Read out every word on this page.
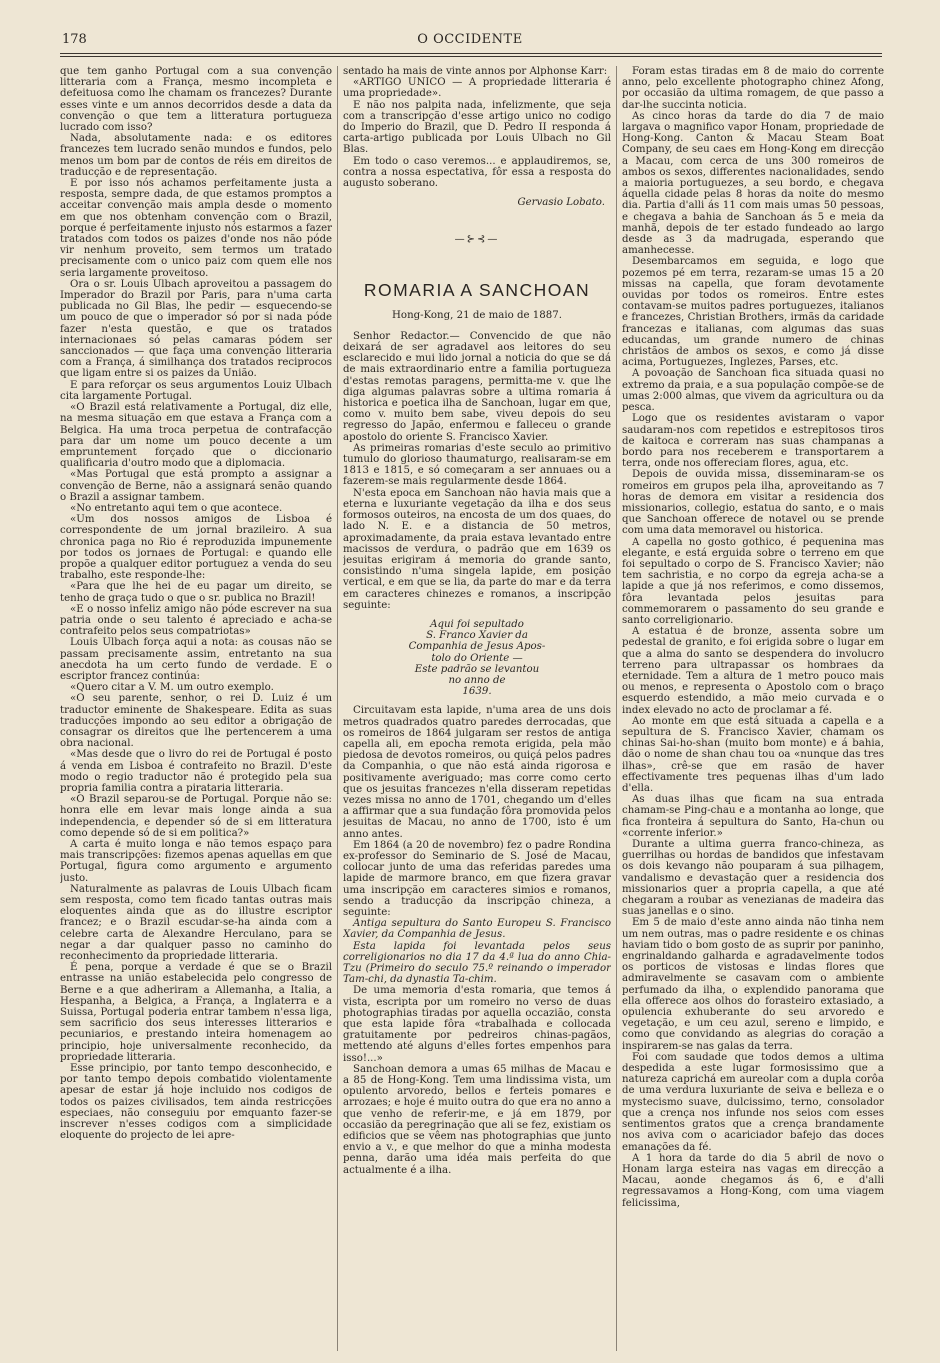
178	O OCCIDENTE

que tem ganho Portugal com a sua convenção litteraria com a França, mesmo incompleta e defeituosa como lhe chamam os francezes? Durante esses vinte e um annos decorridos desde a data da convenção o que tem a litteratura portugueza lucrado com isso?

Nada, absolutamente nada: e os editores francezes tem lucrado senão mundos e fundos, pelo menos um bom par de contos de réis em direitos de traducção e de representação.

E por isso nós achamos perfeitamente justa a resposta, sempre dada, de que estamos promptos a acceitar convenção mais ampla desde o momento em que nos obtenham convenção com o Brazil, porque é perfeitamente injusto nós estarmos a fazer tratados com todos os paizes d'onde nos não póde vir nenhum proveito, sem termos um tratado precisamente com o unico paiz com quem elle nos seria largamente proveitoso.

Ora o sr. Louis Ulbach aproveitou a passagem do Imperador do Brazil por Paris, para n'uma carta publicada no Gil Blas, lhe pedir — esquecendo-se um pouco de que o imperador só por si nada póde fazer n'esta questão, e que os tratados internacionaes só pelas camaras pódem ser sanccionados — que faça uma convenção litteraria com a França, á similhança dos tratados reciprocos que ligam entre si os paizes da União.

E para reforçar os seus argumentos Louiz Ulbach cita largamente Portugal.

«O Brazil está relativamente a Portugal, diz elle, na mesma situação em que estava a França com a Belgica. Ha uma troca perpetua de contrafacção para dar um nome um pouco decente a um empruntement forçado que o diccionario qualificaria d'outro modo que a diplomacia.

«Mas Portugal que está prompto a assignar a convenção de Berne, não a assignará senão quando o Brazil a assignar tambem.

«No entretanto aqui tem o que acontece.

«Um dos nossos amigos de Lisboa é correspondente de um jornal brazileiro. A sua chronica paga no Rio é reproduzida impunemente por todos os jornaes de Portugal: e quando elle propõe a qualquer editor portuguez a venda do seu trabalho, este responde-lhe:

«Para que lhe hei de eu pagar um direito, se tenho de graça tudo o que o sr. publica no Brazil!

«E o nosso infeliz amigo não póde escrever na sua patria onde o seu talento é apreciado e acha-se contrafeito pelos seus compatriotas»

Louis Ulbach força aqui a nota: as cousas não se passam precisamente assim, entretanto na sua anecdota ha um certo fundo de verdade. E o escriptor francez continúa:

«Quero citar a V. M. um outro exemplo.

«O seu parente, senhor, o rei D. Luiz é um traductor eminente de Shakespeare. Edita as suas traducções impondo ao seu editor a obrigação de consagrar os direitos que lhe pertencerem a uma obra nacional.

«Mas desde que o livro do rei de Portugal é posto á venda em Lisboa é contrafeito no Brazil. D'este modo o regio traductor não é protegido pela sua propria familia contra a pirataria litteraria.

«O Brazil separou-se de Portugal. Porque não se: honra elle em levar mais longe ainda a sua independencia, e depender só de si em litteratura como depende só de si em politica?»

A carta é muito longa e não temos espaço para mais transcripções: fizemos apenas aquellas em que Portugal, figura como argumento e argumento justo.

Naturalmente as palavras de Louis Ulbach ficam sem resposta, como tem ficado tantas outras mais eloquentes ainda que as do illustre escriptor francez; e o Brazil escudar-se-ha ainda com a celebre carta de Alexandre Herculano, para se negar a dar qualquer passo no caminho do reconhecimento da propriedade litteraria.

É pena, porque a verdade é que se o Brazil entrasse na união estabelecida pelo congresso de Berne e a que adheriram a Allemanha, a Italia, a Hespanha, a Belgica, a França, a Inglaterra e a Suissa, Portugal poderia entrar tambem n'essa liga, sem sacrificio dos seus interesses litterarios e pecuniarios, e prestando inteira homenagem ao principio, hoje universalmente reconhecido, da propriedade litteraria.

Esse principio, por tanto tempo desconhecido, e por tanto tempo depois combatido violentamente apesar de estar já hoje incluido nos codigos de todos os paizes civilisados, tem ainda restricções especiaes, não conseguiu por emquanto fazer-se inscrever n'esses codigos com a simplicidade eloquente do projecto de lei apre-

sentado ha mais de vinte annos por Alphonse Karr:

«ARTIGO UNICO — A propriedade litteraria é uma propriedade».

E não nos palpita nada, infelizmente, que seja com a transcripção d'esse artigo unico no codigo do Imperio do Brazil, que D. Pedro II responda á carta-artigo publicada por Louis Ulbach no Gil Blas.

Em todo o caso veremos... e applaudiremos, se, contra a nossa espectativa, fôr essa a resposta do augusto soberano.

Gervasio Lobato.

—⊱⊰—

ROMARIA A SANCHOAN

Hong-Kong, 21 de maio de 1887.

Senhor Redactor.— Convencido de que não deixará de ser agradavel aos leitores do seu esclarecido e mui lido jornal a noticia do que se dá de mais extraordinario entre a familia portugueza d'estas remotas paragens, permitta-me v. que lhe diga algumas palavras sobre a ultima romaria á historica e poetica ilha de Sanchoan, lugar em que, como v. muito bem sabe, viveu depois do seu regresso do Japão, enfermou e falleceu o grande apostolo do oriente S. Francisco Xavier.

As primeiras romarias d'este seculo ao primitivo tumulo do glorioso thaumaturgo, realisaram-se em 1813 e 1815, e só começaram a ser annuaes ou a fazerem-se mais regularmente desde 1864.

N'esta epoca em Sanchoan não havia mais que a eterna e luxuriante vegetação da ilha e dos seus formosos outeiros, na encosta de um dos quaes, do lado N. E. e a distancia de 50 metros, aproximadamente, da praia estava levantado entre macissos de verdura, o padrão que em 1639 os jesuitas erigiram á memoria do grande santo, consistindo n'uma singela lapide, em posição vertical, e em que se lia, da parte do mar e da terra em caracteres chinezes e romanos, a inscripção seguinte:

Aqui foi sepultado
S. Franco Xavier da
Companhia de Jesus Apos-
tolo do Oriente —
Este padrão se levantou
no anno de
1639.

Circuitavam esta lapide, n'uma area de uns dois metros quadrados quatro paredes derrocadas, que os romeiros de 1864 julgaram ser restos de antiga capella ali, em epocha remota erigida, pela mão piedosa de devotos romeiros, ou quiçá pelos padres da Companhia, o que não está ainda rigorosa e positivamente averiguado; mas corre como certo que os jesuitas francezes n'ella disseram repetidas vezes missa no anno de 1701, chegando um d'elles a affirmar que a sua fundação fôra promovida pelos jesuitas de Macau, no anno de 1700, isto é um anno antes.

Em 1864 (a 20 de novembro) fez o padre Rondina ex-professor do Seminario de S. José de Macau, collocar junto de uma das referidas paredes uma lapide de marmore branco, em que fizera gravar uma inscripção em caracteres simios e romanos, sendo a traducção da inscripção chineza, a seguinte:

Antiga sepultura do Santo Europeu S. Francisco Xavier, da Companhia de Jesus.

Esta lapida foi levantada pelos seus correligionarios no dia 17 da 4.ª lua do anno Chia-Tzu (Primeiro do seculo 75.º reinando o imperador Tam-chi, da dynastia Ta-chim.

De uma memoria d'esta romaria, que temos á vista, escripta por um romeiro no verso de duas photographias tiradas por aquella occazião, consta que esta lapide fôra «trabalhada e collocada gratuitamente por pedreiros chinas-pagãos, mettendo até alguns d'elles fortes empenhos para isso!...»

Sanchoan demora a umas 65 milhas de Macau e a 85 de Hong-Kong. Tem uma lindissima vista, um opulento arvoredo, bellos e ferteis pomares e arrozaes; e hoje é muito outra do que era no anno a que venho de referir-me, e já em 1879, por occasião da peregrinação que ali se fez, existiam os edificios que se vêem nas photographias que junto envio a v., e que melhor do que a minha modesta penna, darão uma idéa mais perfeita do que actualmente é a ilha.

Foram estas tiradas em 8 de maio do corrente anno, pelo excellente photographo chinez Afong, por occasião da ultima romagem, de que passo a dar-lhe succinta noticia.

As cinco horas da tarde do dia 7 de maio largava o magnifico vapor Honam, propriedade de Hong-Kong. Canton & Macau Steam Boat Company, de seu caes em Hong-Kong em direcção a Macau, com cerca de uns 300 romeiros de ambos os sexos, differentes nacionalidades, sendo a maioria portuguezes, a seu bordo, e chegava áquella cidade pelas 8 horas da noite do mesmo dia. Partia d'alli ás 11 com mais umas 50 pessoas, e chegava a bahia de Sanchoan ás 5 e meia da manhã, depois de ter estado fundeado ao largo desde as 3 da madrugada, esperando que amanhecesse.

Desembarcamos em seguida, e logo que pozemos pé em terra, rezaram-se umas 15 a 20 missas na capella, que foram devotamente ouvidas por todos os romeiros. Entre estes contavam-se muitos padres portuguezes, italianos e francezes, Christian Brothers, irmãs da caridade francezas e italianas, com algumas das suas educandas, um grande numero de chinas christãos de ambos os sexos, e como já disse acima, Portuguezes, Inglezes, Parses, etc.

A povoação de Sanchoan fica situada quasi no extremo da praia, e a sua população compõe-se de umas 2:000 almas, que vivem da agricultura ou da pesca.

Logo que os residentes avistaram o vapor saudaram-nos com repetidos e estrepitosos tiros de kaitoca e correram nas suas champanas a bordo para nos receberem e transportarem a terra, onde nos offereciam flores, agua, etc.

Depois de ouvida missa, disseminaram-se os romeiros em grupos pela ilha, aproveitando as 7 horas de demora em visitar a residencia dos missionarios, collegio, estatua do santo, e o mais que Sanchoan offerece de notavel ou se prende com uma data memoravel ou historica.

A capella no gosto gothico, é pequenina mas elegante, e está erguida sobre o terreno em que foi sepultado o corpo de S. Francisco Xavier; não tem sachristia, e no corpo da egreja acha-se a lapide a que já nos referimos, e como dissemos, fôra levantada pelos jesuitas para commemorarem o passamento do seu grande e santo correligionario.

A estatua é de bronze, assenta sobre um pedestal de granito, e foi erigida sobre o lugar em que a alma do santo se despendera do involucro terreno para ultrapassar os hombraes da eternidade. Tem a altura de 1 metro pouco mais ou menos, e representa o Apostolo com o braço esquerdo estendido, a mão meio curvada e o index elevado no acto de proclamar a fé.

Ao monte em que está situada a capella e a sepultura de S. Francisco Xavier, chamam os chinas Sai-ho-shan (muito bom monte) e á bahia, dão o nome de shan chau tou oa «nunque das tres ilhas», crê-se que em rasão de haver effectivamente tres pequenas ilhas d'um lado d'ella.

As duas ilhas que ficam na sua entrada chamam-se Ping-chau e a montanha ao longe, que fica fronteira á sepultura do Santo, Ha-chun ou «corrente inferior.»

Durante a ultima guerra franco-chineza, as guerrilhas ou hordas de bandidos que infestavam os dois kevango não pouparam á sua pilhagem, vandalismo e devastação quer a residencia dos missionarios quer a propria capella, a que até chegaram a roubar as venezianas de madeira das suas janellas e o sino.

Em 5 de maio d'este anno ainda não tinha nem um nem outras, mas o padre residente e os chinas haviam tido o bom gosto de as suprir por paninho, engrinaldando galharda e agradavelmente todos os porticos de vistosas e lindas flores que admiravelmente se casavam com o ambiente perfumado da ilha, o explendido panorama que ella offerece aos olhos do forasteiro extasiado, a opulencia exhuberante do seu arvoredo e vegetação, e um ceu azul, sereno e limpido, e como que convidando as alegrias do coração a inspirarem-se nas galas da terra.

Foi com saudade que todos demos a ultima despedida a este lugar formosissimo que a natureza caprichá em aureolar com a dupla corôa de uma verdura luxuriante de seiva e belleza e o mystecismo suave, dulcissimo, terno, consolador que a crença nos infunde nos seios com esses sentimentos gratos que a crença brandamente nos aviva com o acariciador bafejo das doces emanações da fé.

A 1 hora da tarde do dia 5 abril de novo o Honam larga esteira nas vagas em direcção a Macau, aonde chegamos ás 6, e d'alli regressavamos a Hong-Kong, com uma viagem felicissima,
